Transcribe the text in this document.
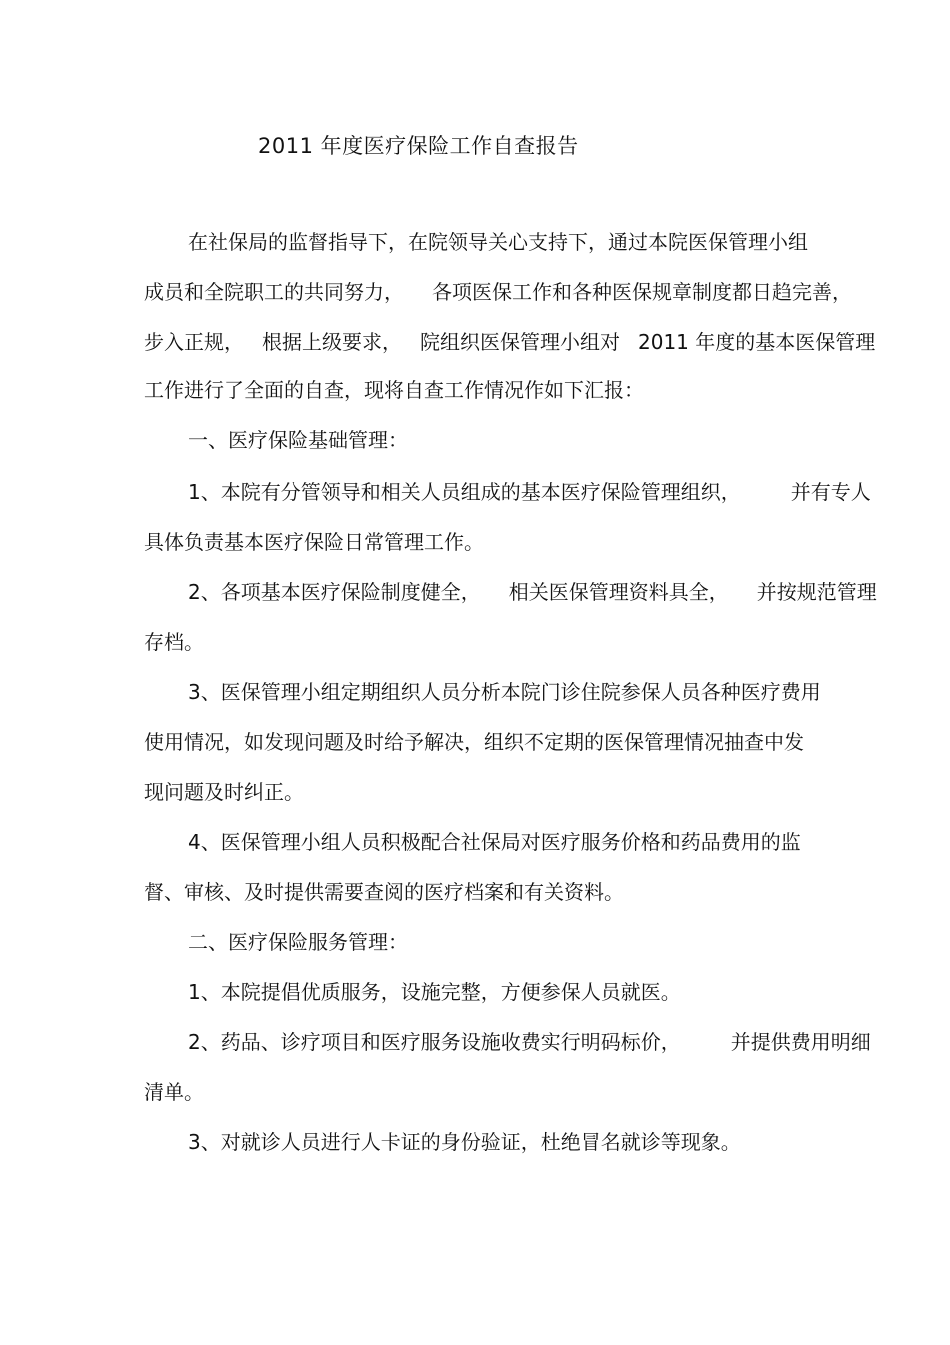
2011 年度医疗保险工作自查报告
在社保局的监督指导下，在院领导关心支持下，通过本院医保管理小组
成员和全院职工的共同努力， 各项医保工作和各种医保规章制度都日趋完善，
步入正规， 根据上级要求， 院组织医保管理小组对 2011 年度的基本医保管理
工作进行了全面的自查，现将自查工作情况作如下汇报：
一、医疗保险基础管理：
1、本院有分管领导和相关人员组成的基本医疗保险管理组织，	并有专人
具体负责基本医疗保险日常管理工作。
2、各项基本医疗保险制度健全， 相关医保管理资料具全， 并按规范管理
存档。
3、医保管理小组定期组织人员分析本院门诊住院参保人员各种医疗费用
使用情况，如发现问题及时给予解决，组织不定期的医保管理情况抽查中发
现问题及时纠正。
4、医保管理小组人员积极配合社保局对医疗服务价格和药品费用的监
督、审核、及时提供需要查阅的医疗档案和有关资料。
二、医疗保险服务管理：
1、本院提倡优质服务，设施完整，方便参保人员就医。
2、药品、诊疗项目和医疗服务设施收费实行明码标价，	并提供费用明细
清单。
3、对就诊人员进行人卡证的身份验证，杜绝冒名就诊等现象。
